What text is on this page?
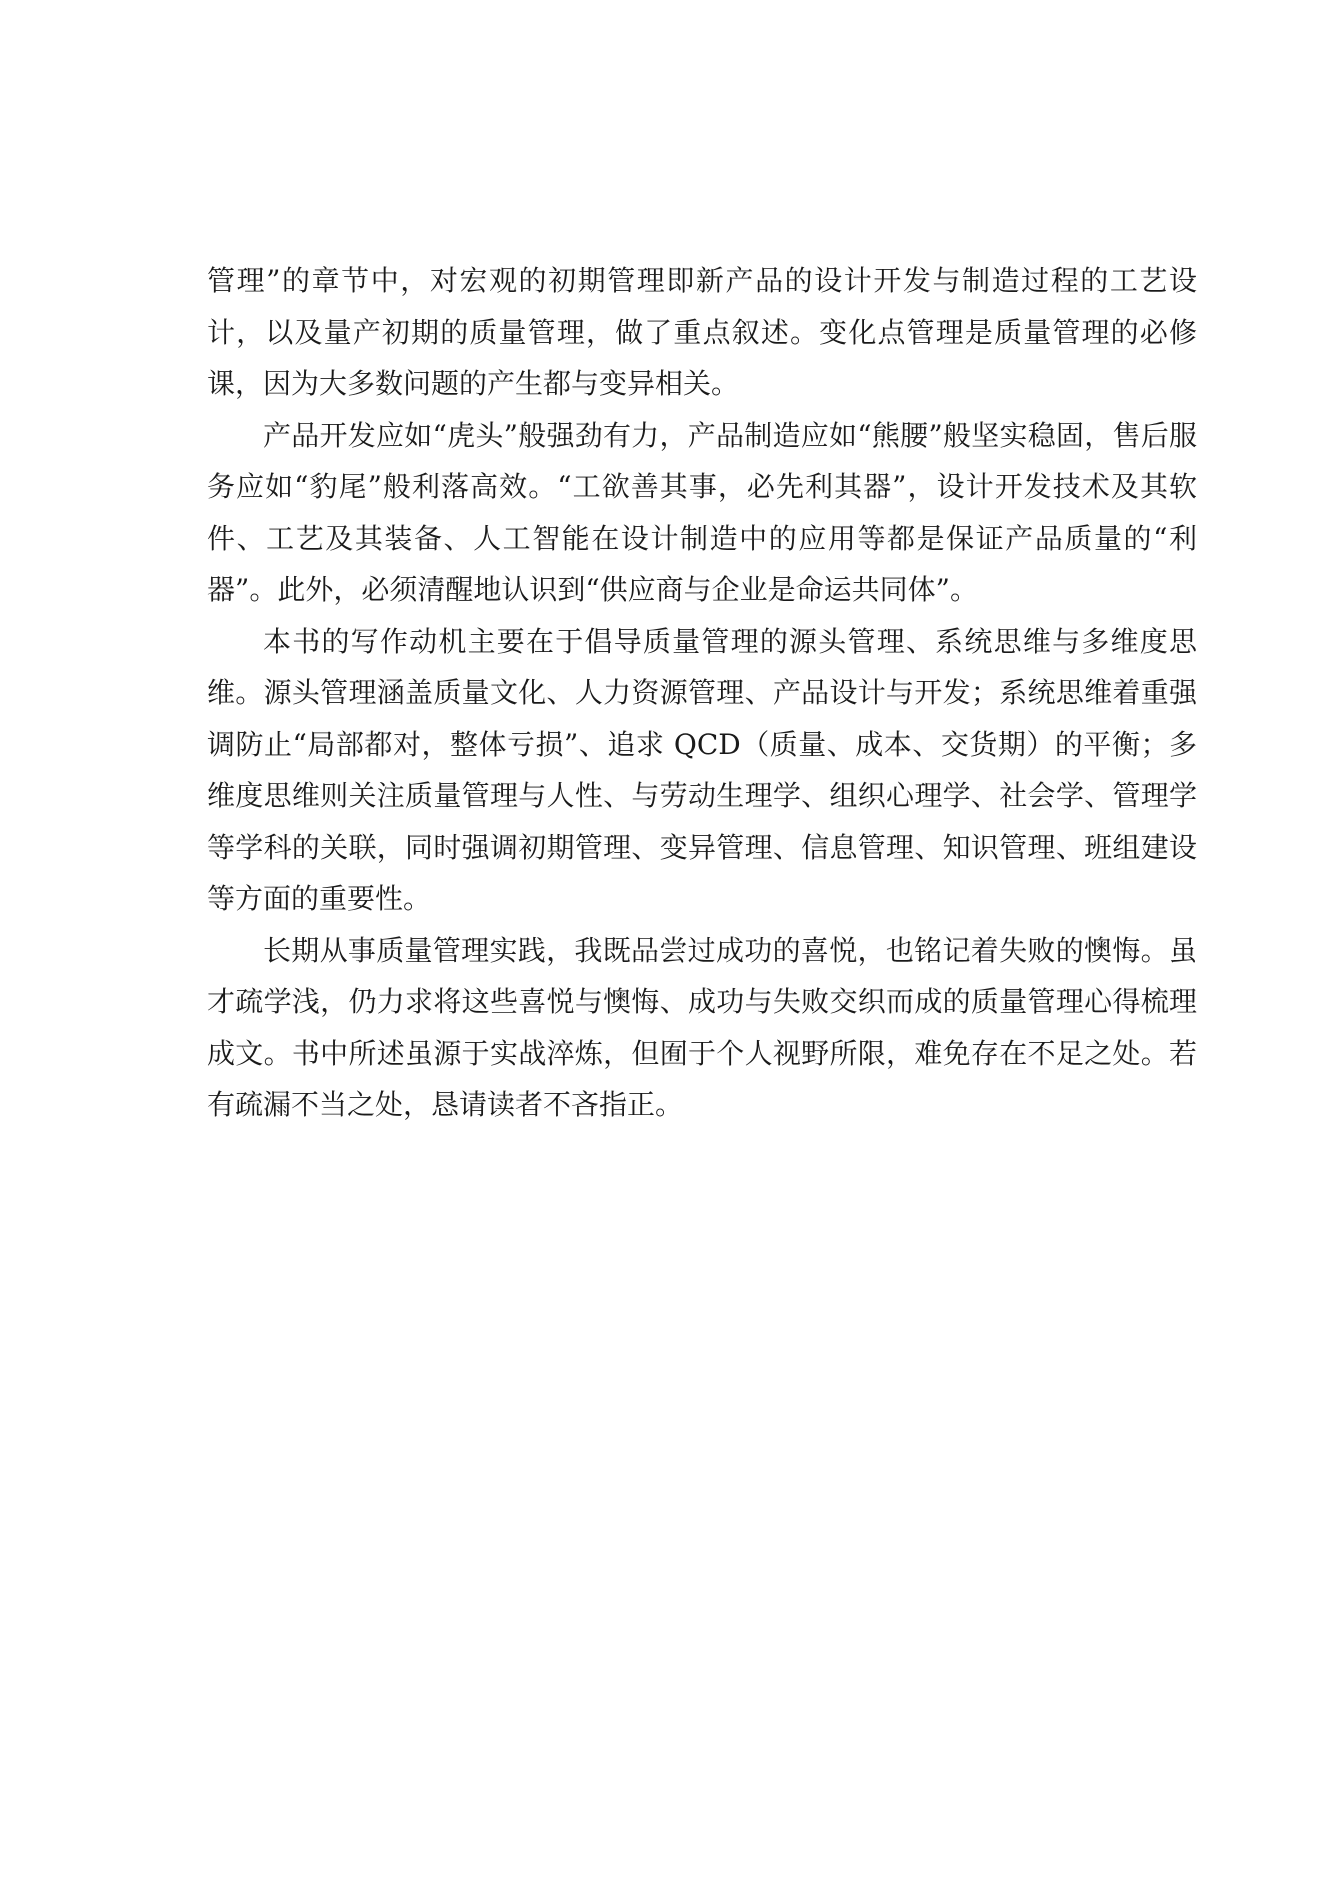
管理”的章节中，对宏观的初期管理即新产品的设计开发与制造过程的工艺设计，以及量产初期的质量管理，做了重点叙述。变化点管理是质量管理的必修课，因为大多数问题的产生都与变异相关。

产品开发应如“虎头”般强劲有力，产品制造应如“熊腰”般坚实稳固，售后服务应如“豹尾”般利落高效。“工欲善其事，必先利其器”，设计开发技术及其软件、工艺及其装备、人工智能在设计制造中的应用等都是保证产品质量的“利器”。此外，必须清醒地认识到“供应商与企业是命运共同体”。

本书的写作动机主要在于倡导质量管理的源头管理、系统思维与多维度思维。源头管理涵盖质量文化、人力资源管理、产品设计与开发；系统思维着重强调防止“局部都对，整体亏损”、追求 QCD（质量、成本、交货期）的平衡；多维度思维则关注质量管理与人性、与劳动生理学、组织心理学、社会学、管理学等学科的关联，同时强调初期管理、变异管理、信息管理、知识管理、班组建设等方面的重要性。

长期从事质量管理实践，我既品尝过成功的喜悦，也铭记着失败的懊悔。虽才疏学浅，仍力求将这些喜悦与懊悔、成功与失败交织而成的质量管理心得梳理成文。书中所述虽源于实战淬炼，但囿于个人视野所限，难免存在不足之处。若有疏漏不当之处，恳请读者不吝指正。
